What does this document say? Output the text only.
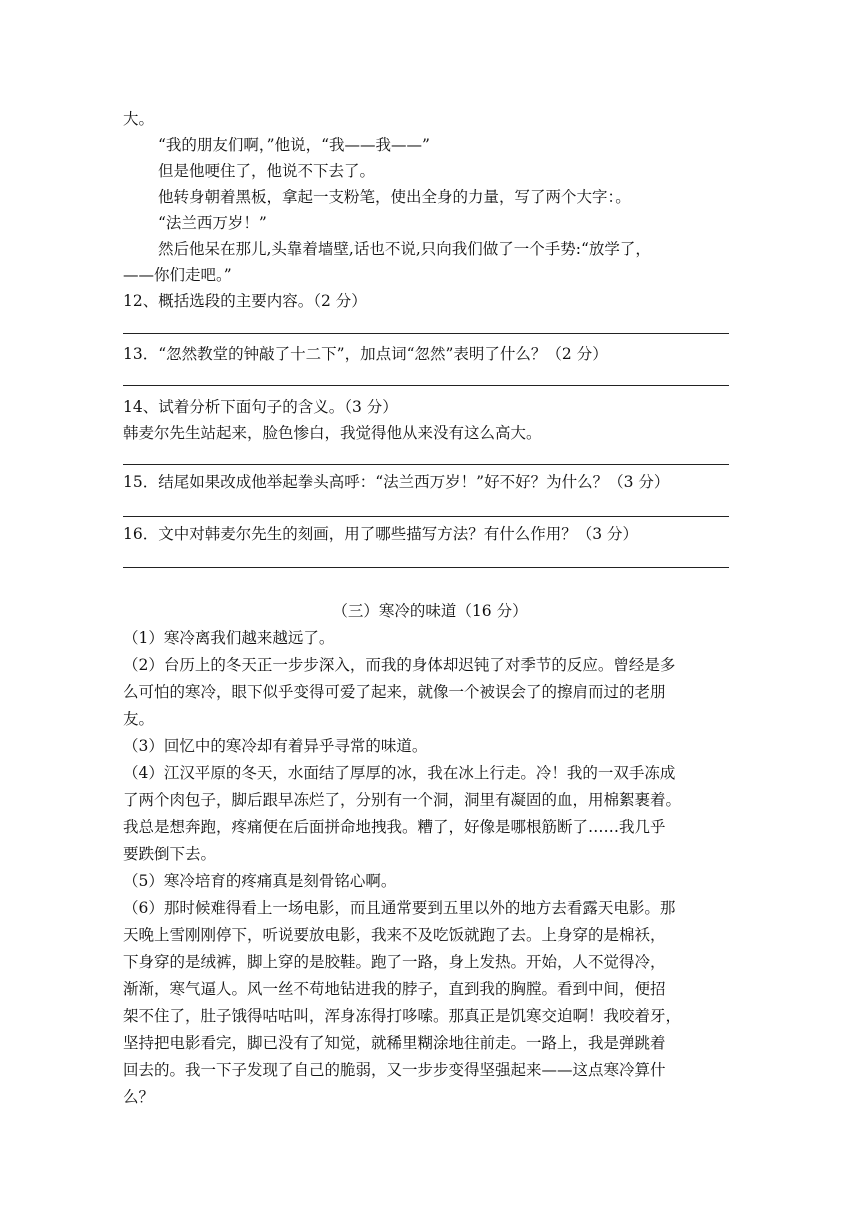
大。
“我的朋友们啊，”他说，“我——我——”
但是他哽住了，他说不下去了。
他转身朝着黑板，拿起一支粉笔，使出全身的力量，写了两个大字：。
“法兰西万岁！”
然后他呆在那儿,头靠着墙壁,话也不说,只向我们做了一个手势:“放学了，
——你们走吧。”
12、概括选段的主要内容。（2 分）
13．“忽然教堂的钟敲了十二下”，加点词“忽然”表明了什么？（2 分）
14、试着分析下面句子的含义。（3 分）
韩麦尔先生站起来，脸色惨白，我觉得他从来没有这么高大。
15．结尾如果改成他举起拳头高呼：“法兰西万岁！”好不好？为什么？（3 分）
16．文中对韩麦尔先生的刻画，用了哪些描写方法？有什么作用？（3 分）
（三）寒冷的味道（16 分）
（1）寒冷离我们越来越远了。
（2）台历上的冬天正一步步深入，而我的身体却迟钝了对季节的反应。曾经是多
么可怕的寒冷，眼下似乎变得可爱了起来，就像一个被误会了的擦肩而过的老朋
友。
（3）回忆中的寒冷却有着异乎寻常的味道。
（4）江汉平原的冬天，水面结了厚厚的冰，我在冰上行走。冷！我的一双手冻成
了两个肉包子，脚后跟早冻烂了，分别有一个洞，洞里有凝固的血，用棉絮裹着。
我总是想奔跑，疼痛便在后面拼命地拽我。糟了，好像是哪根筋断了……我几乎
要跌倒下去。
（5）寒冷培育的疼痛真是刻骨铭心啊。
（6）那时候难得看上一场电影，而且通常要到五里以外的地方去看露天电影。那
天晚上雪刚刚停下，听说要放电影，我来不及吃饭就跑了去。上身穿的是棉袄，
下身穿的是绒裤，脚上穿的是胶鞋。跑了一路，身上发热。开始，人不觉得冷，
渐渐，寒气逼人。风一丝不苟地钻进我的脖子，直到我的胸膛。看到中间，便招
架不住了，肚子饿得咕咕叫，浑身冻得打哆嗦。那真正是饥寒交迫啊！我咬着牙，
坚持把电影看完，脚已没有了知觉，就稀里糊涂地往前走。一路上，我是弹跳着
回去的。我一下子发现了自己的脆弱，又一步步变得坚强起来——这点寒冷算什
么？
